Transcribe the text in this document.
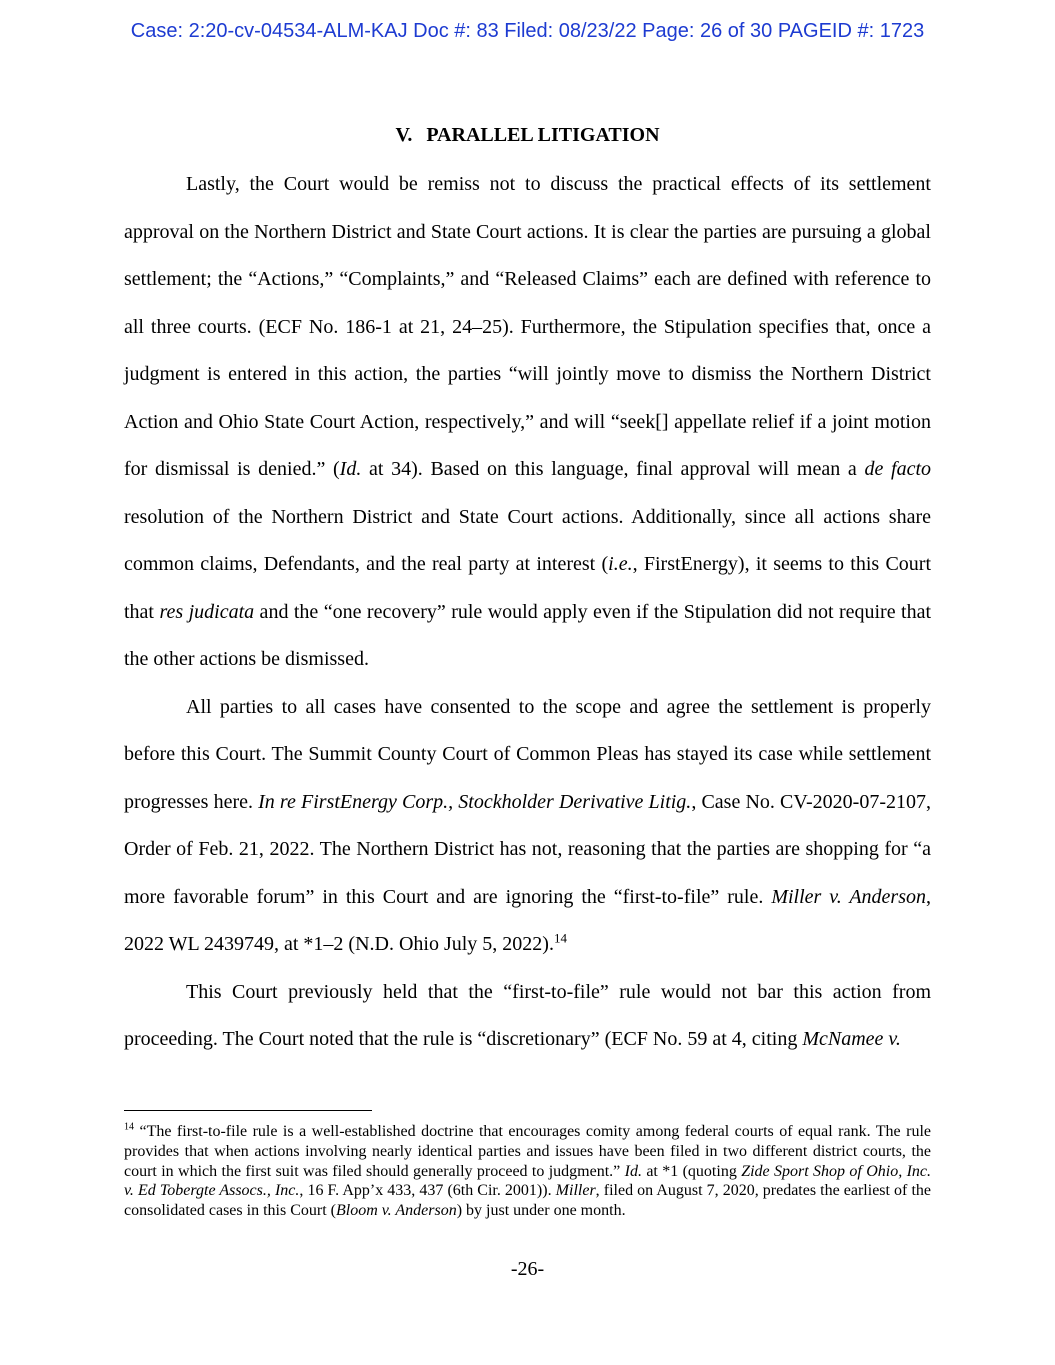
Case: 2:20-cv-04534-ALM-KAJ Doc #: 83 Filed: 08/23/22 Page: 26 of 30 PAGEID #: 1723
V. PARALLEL LITIGATION

Lastly, the Court would be remiss not to discuss the practical effects of its settlement approval on the Northern District and State Court actions. It is clear the parties are pursuing a global settlement; the “Actions,” “Complaints,” and “Released Claims” each are defined with reference to all three courts. (ECF No. 186-1 at 21, 24–25). Furthermore, the Stipulation specifies that, once a judgment is entered in this action, the parties “will jointly move to dismiss the Northern District Action and Ohio State Court Action, respectively,” and will “seek[] appellate relief if a joint motion for dismissal is denied.” (Id. at 34). Based on this language, final approval will mean a de facto resolution of the Northern District and State Court actions. Additionally, since all actions share common claims, Defendants, and the real party at interest (i.e., FirstEnergy), it seems to this Court that res judicata and the “one recovery” rule would apply even if the Stipulation did not require that the other actions be dismissed.

All parties to all cases have consented to the scope and agree the settlement is properly before this Court. The Summit County Court of Common Pleas has stayed its case while settlement progresses here. In re FirstEnergy Corp., Stockholder Derivative Litig., Case No. CV-2020-07-2107, Order of Feb. 21, 2022. The Northern District has not, reasoning that the parties are shopping for “a more favorable forum” in this Court and are ignoring the “first-to-file” rule. Miller v. Anderson, 2022 WL 2439749, at *1–2 (N.D. Ohio July 5, 2022).$^{14}$

This Court previously held that the “first-to-file” rule would not bar this action from proceeding. The Court noted that the rule is “discretionary” (ECF No. 59 at 4, citing McNamee v.

$^{14}$ “The first-to-file rule is a well-established doctrine that encourages comity among federal courts of equal rank. The rule provides that when actions involving nearly identical parties and issues have been filed in two different district courts, the court in which the first suit was filed should generally proceed to judgment.” Id. at *1 (quoting Zide Sport Shop of Ohio, Inc. v. Ed Tobergte Assocs., Inc., 16 F. App’x 433, 437 (6th Cir. 2001)). Miller, filed on August 7, 2020, predates the earliest of the consolidated cases in this Court (Bloom v. Anderson) by just under one month.
-26-
